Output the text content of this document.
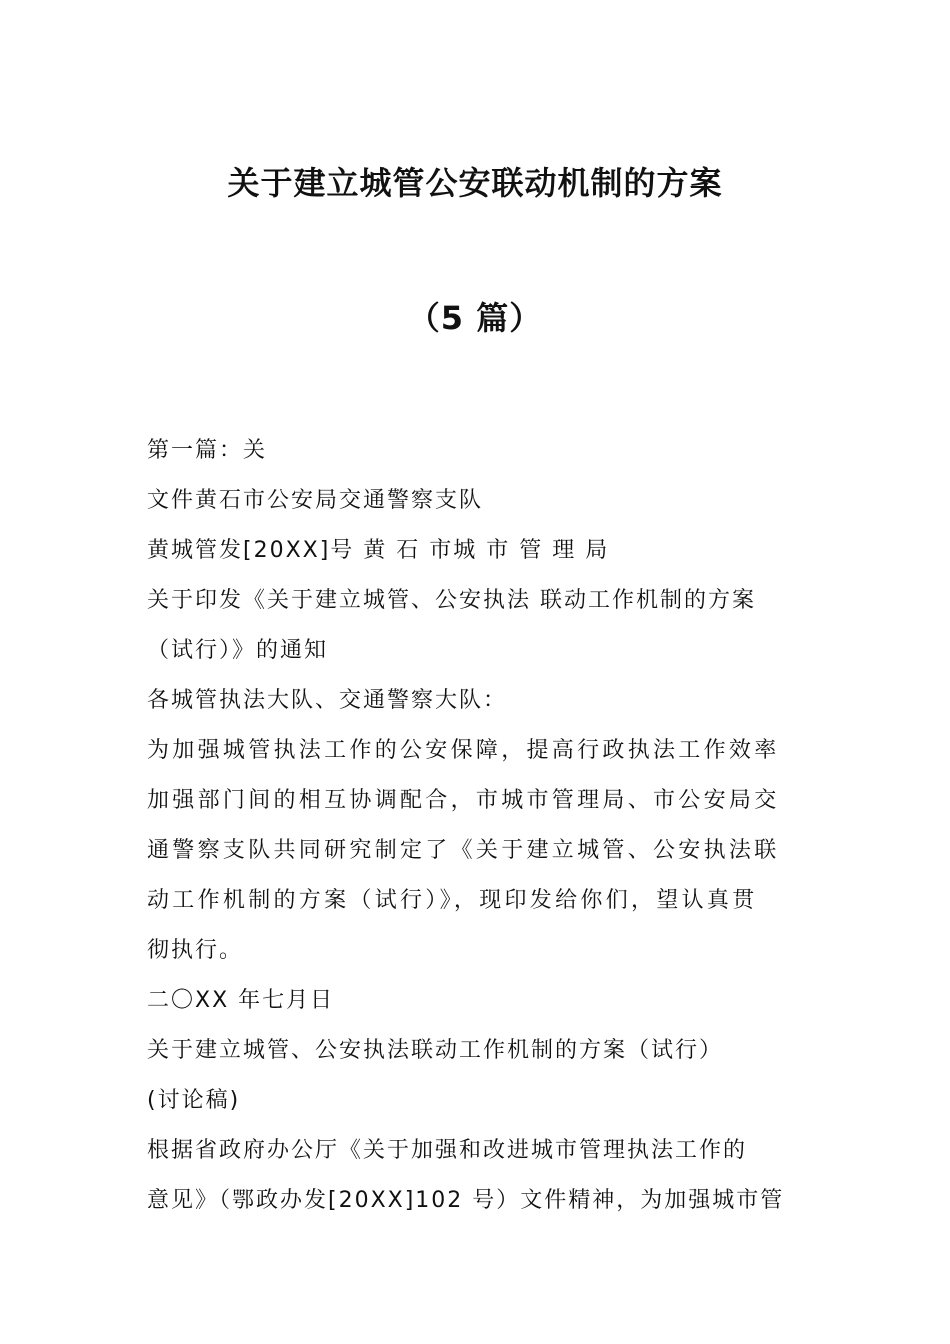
关于建立城管公安联动机制的方案
（5 篇）

第一篇：关

文件黄石市公安局交通警察支队

黄城管发[20XX]号 黄 石 市城 市 管 理 局

关于印发《关于建立城管、公安执法 联动工作机制的方案

（试行）》的通知

各城管执法大队、交通警察大队：

为加强城管执法工作的公安保障，提高行政执法工作效率

加强部门间的相互协调配合，市城市管理局、市公安局交

通警察支队共同研究制定了《关于建立城管、公安执法联

动工作机制的方案（试行）》，现印发给你们，望认真贯

彻执行。

二〇XX 年七月日

关于建立城管、公安执法联动工作机制的方案（试行）

(讨论稿)

根据省政府办公厅《关于加强和改进城市管理执法工作的

意见》（鄂政办发[20XX]102 号）文件精神，为加强城市管
